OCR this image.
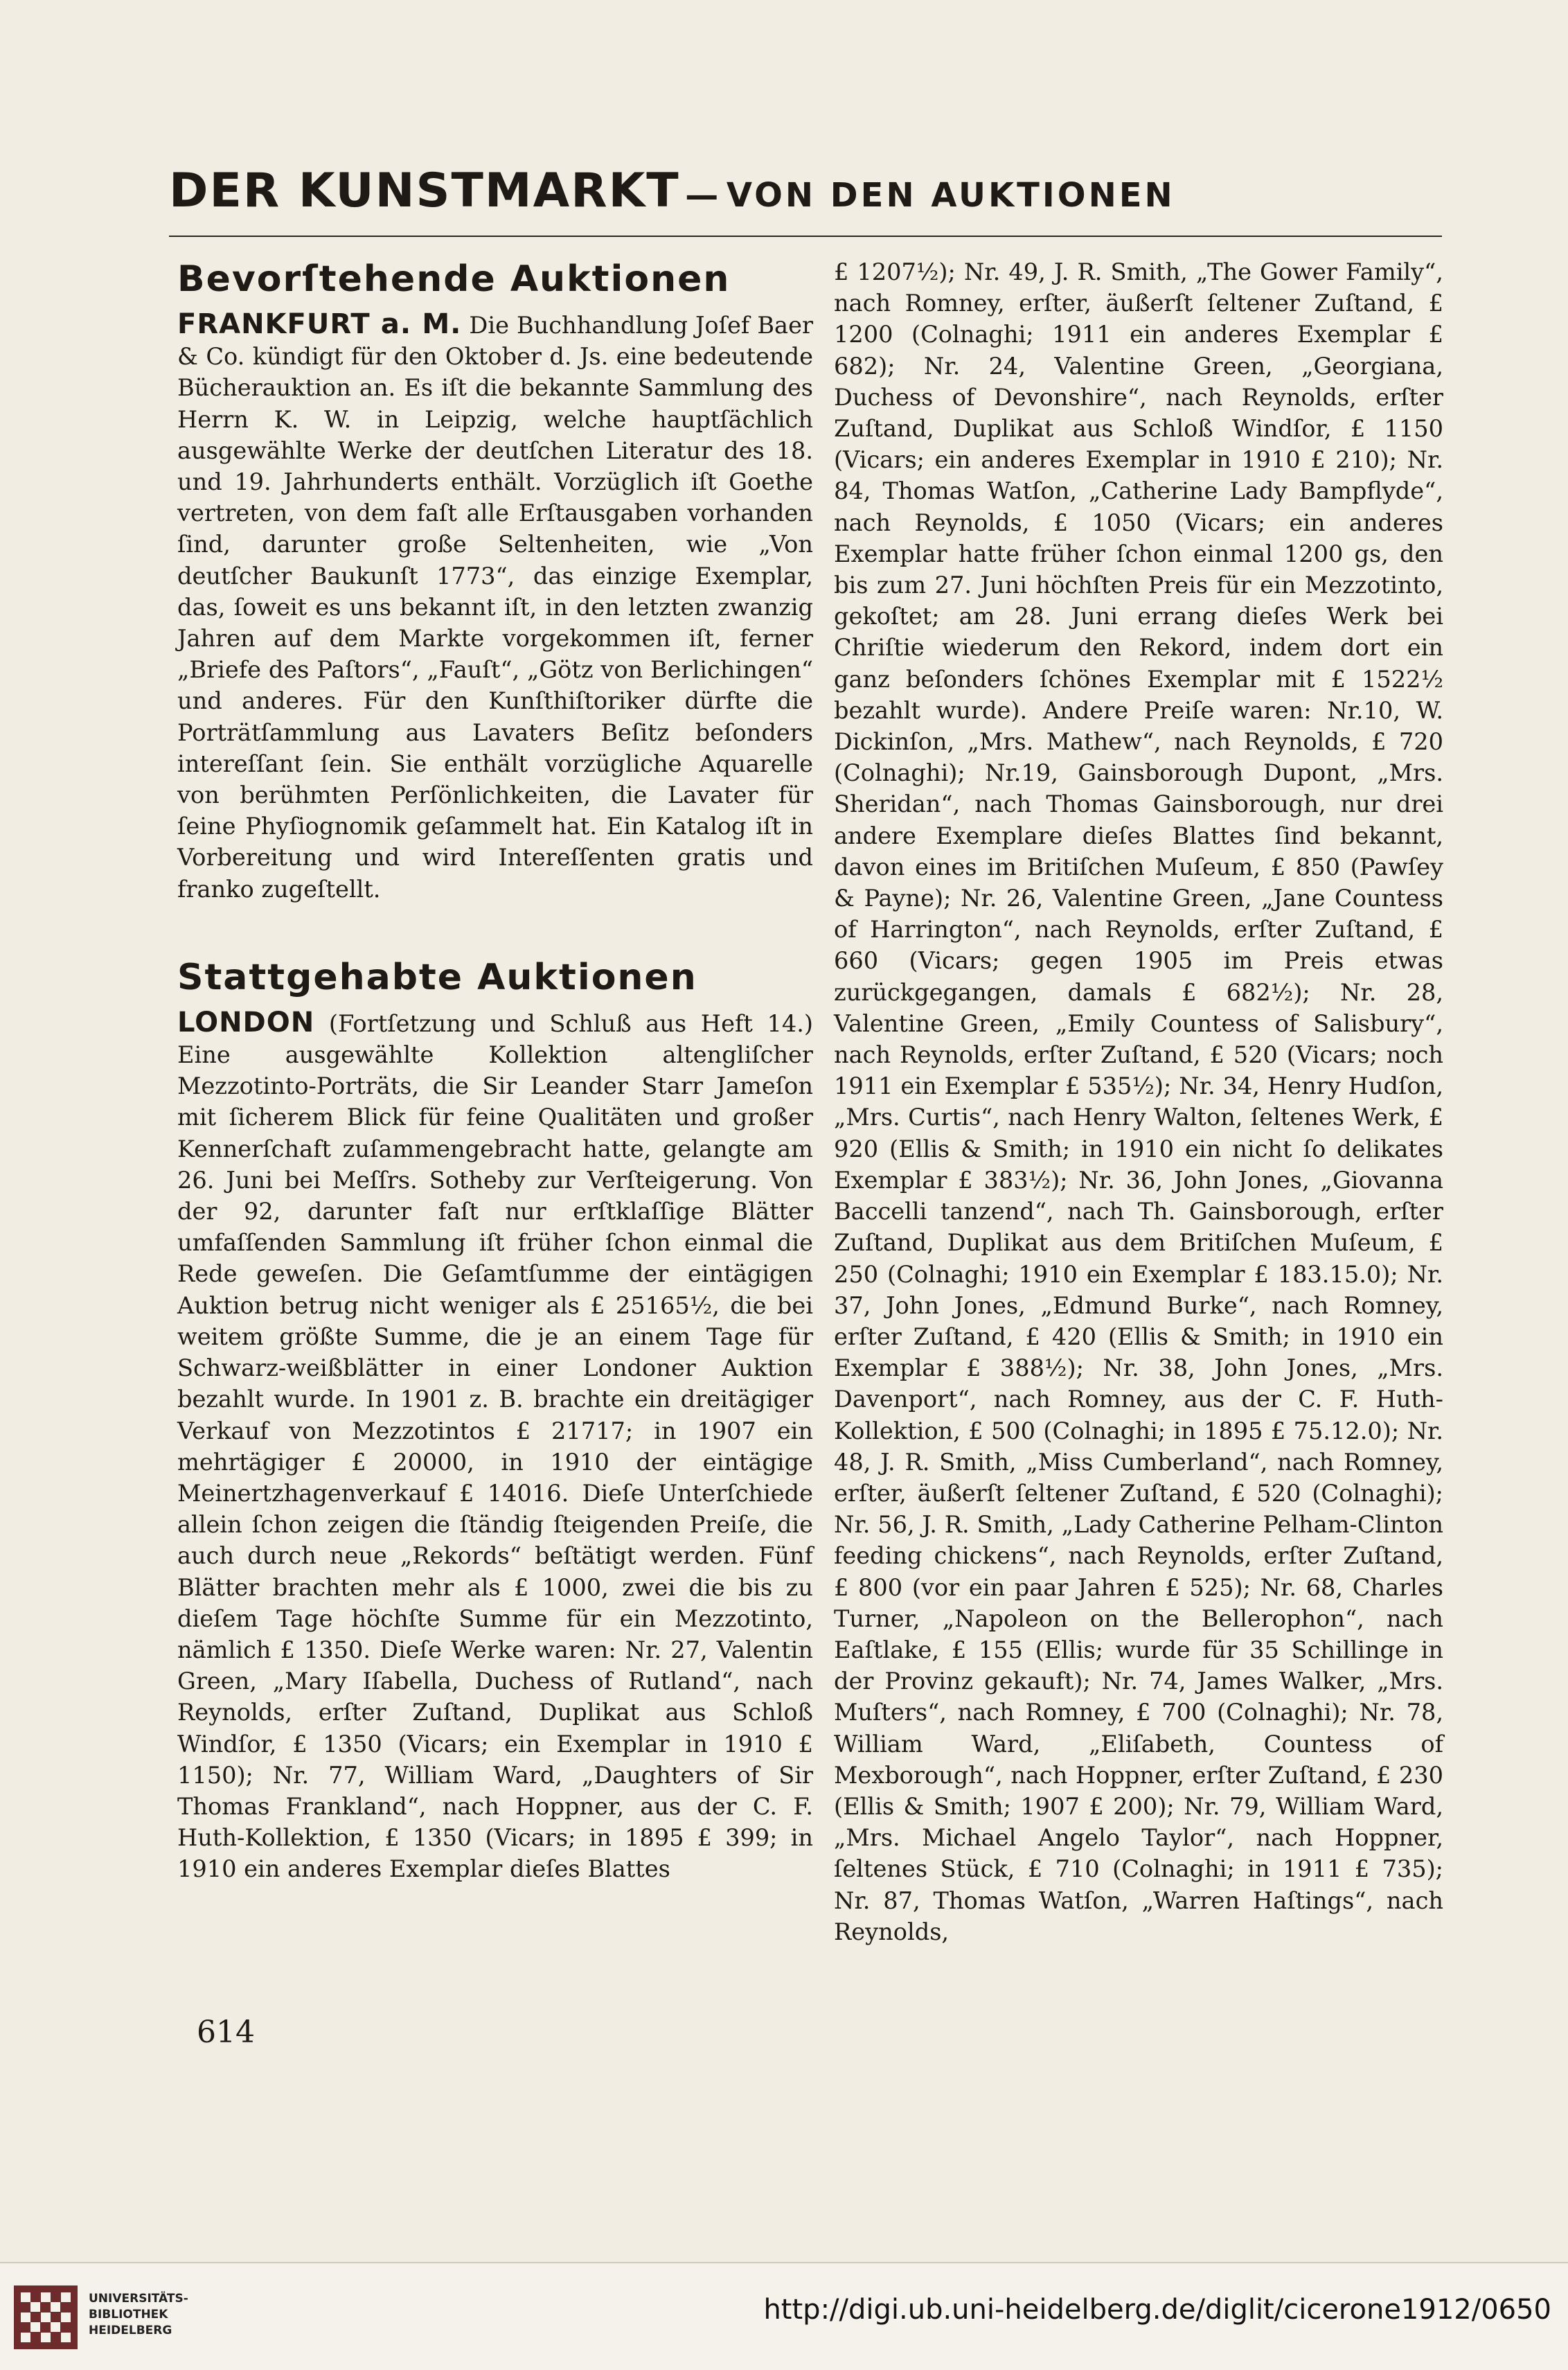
DER KUNSTMARKT — VON DEN AUKTIONEN
Bevorſtehende Auktionen

FRANKFURT a. M. Die Buchhandlung Joſef Baer & Co. kündigt für den Oktober d. Js. eine bedeutende Bücherauktion an. Es iſt die bekannte Sammlung des Herrn K. W. in Leipzig, welche hauptſächlich ausgewählte Werke der deutſchen Literatur des 18. und 19. Jahrhunderts enthält. Vorzüglich iſt Goethe vertreten, von dem faſt alle Erſtausgaben vorhanden ſind, darunter große Seltenheiten, wie „Von deutſcher Baukunſt 1773“, das einzige Exemplar, das, ſoweit es uns bekannt iſt, in den letzten zwanzig Jahren auf dem Markte vorgekommen iſt, ferner „Briefe des Paſtors“, „Fauſt“, „Götz von Berlichingen“ und anderes. Für den Kunſthiſtoriker dürfte die Porträtſammlung aus Lavaters Beſitz beſonders intereſſant ſein. Sie enthält vorzügliche Aquarelle von berühmten Perſönlichkeiten, die Lavater für ſeine Phyſiognomik geſammelt hat. Ein Katalog iſt in Vorbereitung und wird Intereſſenten gratis und franko zugeſtellt.

Stattgehabte Auktionen

LONDON (Fortſetzung und Schluß aus Heft 14.) Eine ausgewählte Kollektion altengliſcher Mezzotinto-Porträts, die Sir Leander Starr Jameſon mit ſicherem Blick für feine Qualitäten und großer Kennerſchaft zuſammengebracht hatte, gelangte am 26. Juni bei Meſſrs. Sotheby zur Verſteigerung. Von der 92, darunter faſt nur erſtklaſſige Blätter umfaſſenden Sammlung iſt früher ſchon einmal die Rede geweſen. Die Geſamtſumme der eintägigen Auktion betrug nicht weniger als £ 25165½, die bei weitem größte Summe, die je an einem Tage für Schwarz-weißblätter in einer Londoner Auktion bezahlt wurde. In 1901 z. B. brachte ein dreitägiger Verkauf von Mezzotintos £ 21717; in 1907 ein mehrtägiger £ 20000, in 1910 der eintägige Meinertzhagenverkauf £ 14016. Dieſe Unterſchiede allein ſchon zeigen die ſtändig ſteigenden Preiſe, die auch durch neue „Rekords“ beſtätigt werden. Fünf Blätter brachten mehr als £ 1000, zwei die bis zu dieſem Tage höchſte Summe für ein Mezzotinto, nämlich £ 1350. Dieſe Werke waren: Nr. 27, Valentin Green, „Mary Iſabella, Duchess of Rutland“, nach Reynolds, erſter Zuſtand, Duplikat aus Schloß Windſor, £ 1350 (Vicars; ein Exemplar in 1910 £ 1150); Nr. 77, William Ward, „Daughters of Sir Thomas Frankland“, nach Hoppner, aus der C. F. Huth-Kollektion, £ 1350 (Vicars; in 1895 £ 399; in 1910 ein anderes Exemplar dieſes Blattes

£ 1207½); Nr. 49, J. R. Smith, „The Gower Family“, nach Romney, erſter, äußerſt ſeltener Zuſtand, £ 1200 (Colnaghi; 1911 ein anderes Exemplar £ 682); Nr. 24, Valentine Green, „Georgiana, Duchess of Devonshire“, nach Reynolds, erſter Zuſtand, Duplikat aus Schloß Windſor, £ 1150 (Vicars; ein anderes Exemplar in 1910 £ 210); Nr. 84, Thomas Watſon, „Catherine Lady Bampflyde“, nach Reynolds, £ 1050 (Vicars; ein anderes Exemplar hatte früher ſchon einmal 1200 gs, den bis zum 27. Juni höchſten Preis für ein Mezzotinto, gekoſtet; am 28. Juni errang dieſes Werk bei Chriſtie wiederum den Rekord, indem dort ein ganz beſonders ſchönes Exemplar mit £ 1522½ bezahlt wurde). Andere Preiſe waren: Nr.10, W. Dickinſon, „Mrs. Mathew“, nach Reynolds, £ 720 (Colnaghi); Nr.19, Gainsborough Dupont, „Mrs. Sheridan“, nach Thomas Gainsborough, nur drei andere Exemplare dieſes Blattes ſind bekannt, davon eines im Britiſchen Muſeum, £ 850 (Pawſey & Payne); Nr. 26, Valentine Green, „Jane Countess of Harrington“, nach Reynolds, erſter Zuſtand, £ 660 (Vicars; gegen 1905 im Preis etwas zurückgegangen, damals £ 682½); Nr. 28, Valentine Green, „Emily Countess of Salisbury“, nach Reynolds, erſter Zuſtand, £ 520 (Vicars; noch 1911 ein Exemplar £ 535½); Nr. 34, Henry Hudſon, „Mrs. Curtis“, nach Henry Walton, ſeltenes Werk, £ 920 (Ellis & Smith; in 1910 ein nicht ſo delikates Exemplar £ 383½); Nr. 36, John Jones, „Giovanna Baccelli tanzend“, nach Th. Gainsborough, erſter Zuſtand, Duplikat aus dem Britiſchen Muſeum, £ 250 (Colnaghi; 1910 ein Exemplar £ 183.15.0); Nr. 37, John Jones, „Edmund Burke“, nach Romney, erſter Zuſtand, £ 420 (Ellis & Smith; in 1910 ein Exemplar £ 388½); Nr. 38, John Jones, „Mrs. Davenport“, nach Romney, aus der C. F. Huth-Kollektion, £ 500 (Colnaghi; in 1895 £ 75.12.0); Nr. 48, J. R. Smith, „Miss Cumberland“, nach Romney, erſter, äußerſt ſeltener Zuſtand, £ 520 (Colnaghi); Nr. 56, J. R. Smith, „Lady Catherine Pelham-Clinton feeding chickens“, nach Reynolds, erſter Zuſtand, £ 800 (vor ein paar Jahren £ 525); Nr. 68, Charles Turner, „Napoleon on the Bellerophon“, nach Eaſtlake, £ 155 (Ellis; wurde für 35 Schillinge in der Provinz gekauft); Nr. 74, James Walker, „Mrs. Muſters“, nach Romney, £ 700 (Colnaghi); Nr. 78, William Ward, „Eliſabeth, Countess of Mexborough“, nach Hoppner, erſter Zuſtand, £ 230 (Ellis & Smith; 1907 £ 200); Nr. 79, William Ward, „Mrs. Michael Angelo Taylor“, nach Hoppner, ſeltenes Stück, £ 710 (Colnaghi; in 1911 £ 735); Nr. 87, Thomas Watſon, „Warren Haſtings“, nach Reynolds,

614
UNIVERSITÄTS-
BIBLIOTHEK
HEIDELBERG
http://digi.ub.uni-heidelberg.de/diglit/cicerone1912/0650
